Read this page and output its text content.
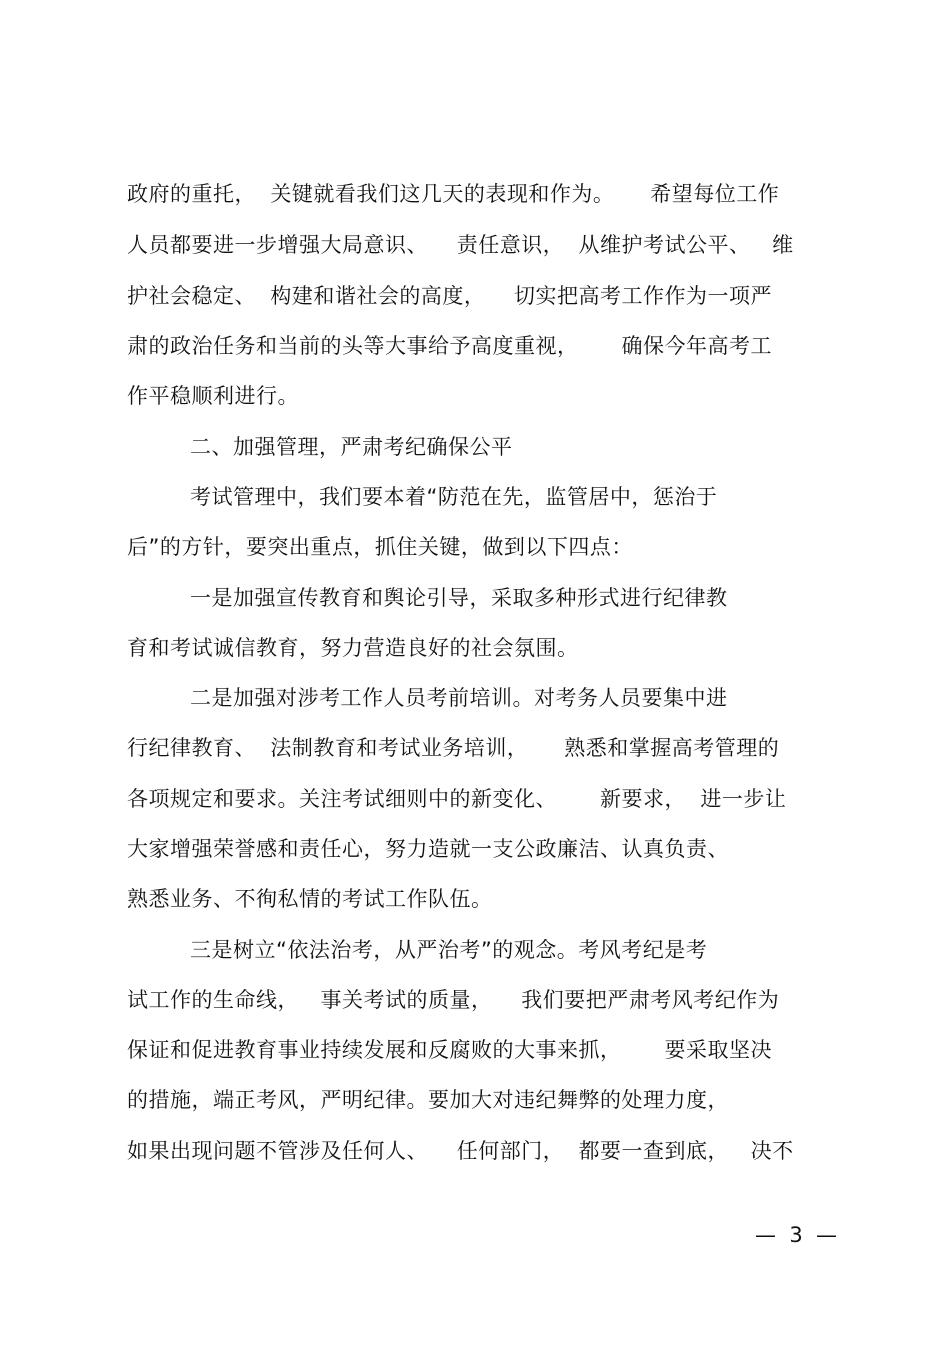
政府的重托，  关键就看我们这几天的表现和作为。     希望每位工作
人员都要进一步增强大局意识、    责任意识，  从维护考试公平、   维
护社会稳定、  构建和谐社会的高度，    切实把高考工作作为一项严
肃的政治任务和当前的头等大事给予高度重视，      确保今年高考工
作平稳顺利进行。
二、加强管理，严肃考纪确保公平
考试管理中，我们要本着“防范在先，监管居中，惩治于
后”的方针，要突出重点，抓住关键，做到以下四点：
一是加强宣传教育和舆论引导，采取多种形式进行纪律教
育和考试诚信教育，努力营造良好的社会氛围。
二是加强对涉考工作人员考前培训。对考务人员要集中进
行纪律教育、  法制教育和考试业务培训，     熟悉和掌握高考管理的
各项规定和要求。关注考试细则中的新变化、      新要求，  进一步让
大家增强荣誉感和责任心，努力造就一支公政廉洁、认真负责、
熟悉业务、不徇私情的考试工作队伍。
三是树立“依法治考，从严治考”的观念。考风考纪是考
试工作的生命线，   事关考试的质量，    我们要把严肃考风考纪作为
保证和促进教育事业持续发展和反腐败的大事来抓，      要采取坚决
的措施，端正考风，严明纪律。要加大对违纪舞弊的处理力度，
如果出现问题不管涉及任何人、    任何部门，  都要一查到底，   决不
—  3  —
